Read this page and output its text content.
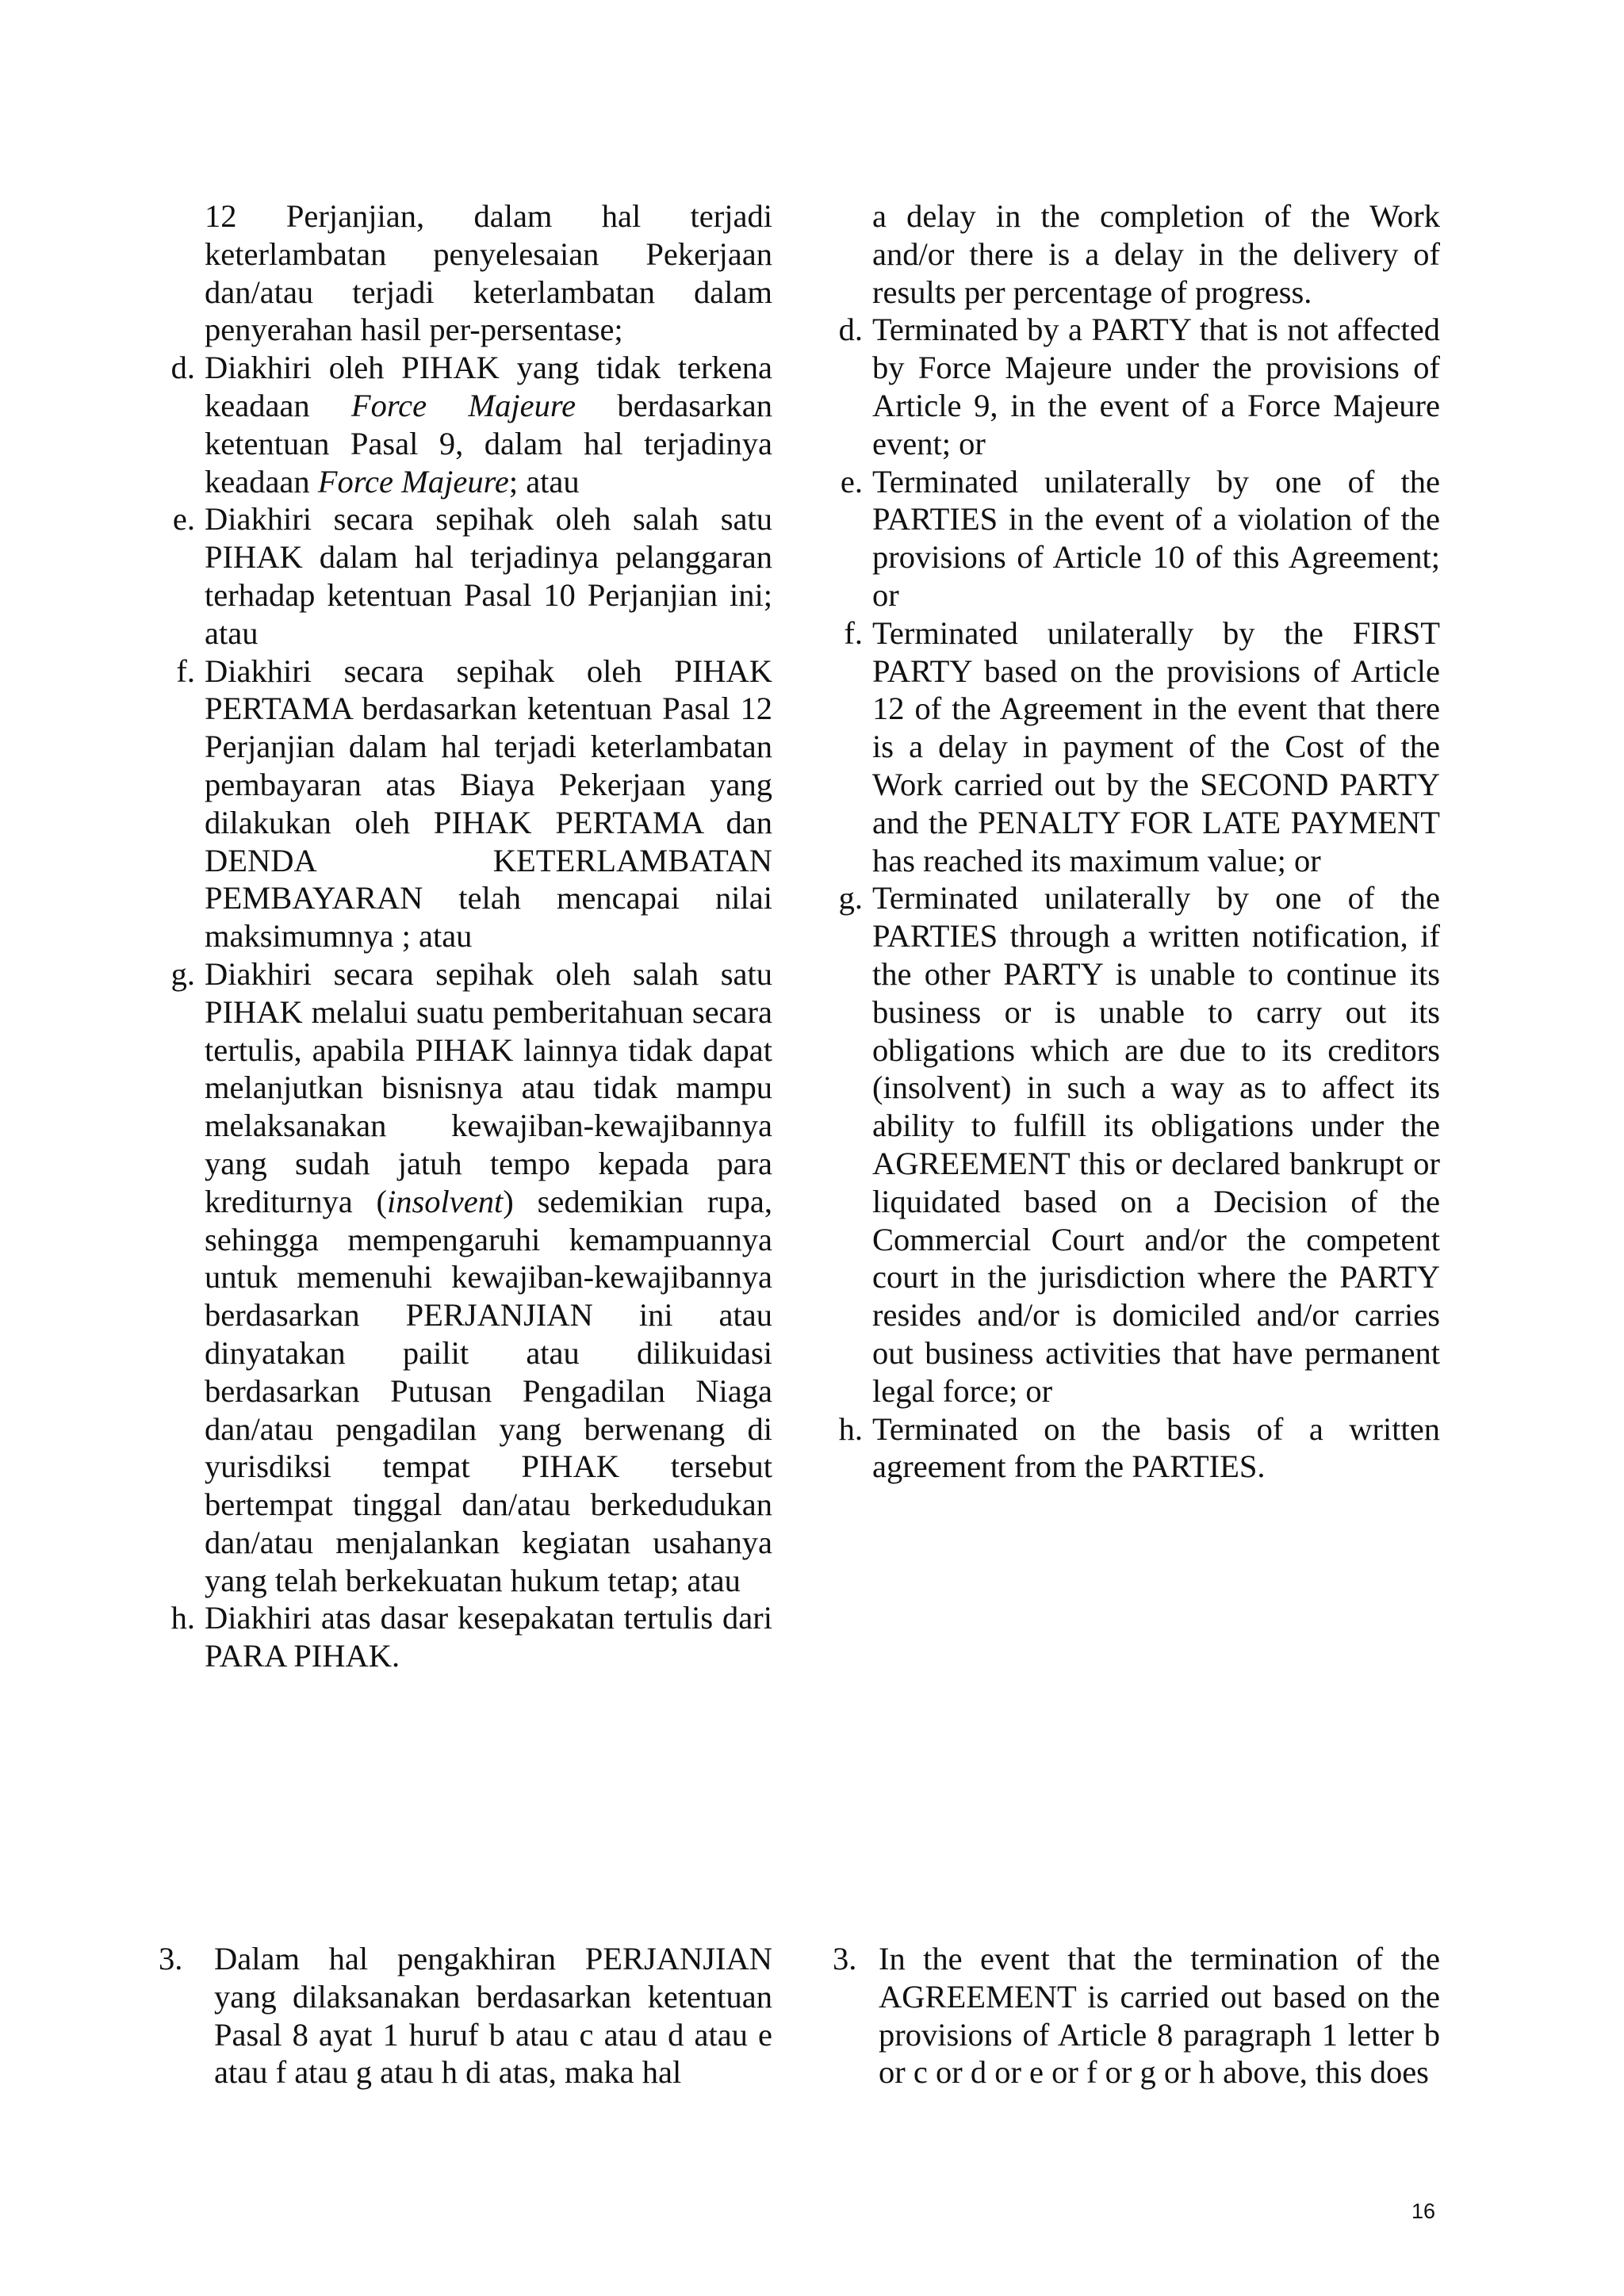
12 Perjanjian, dalam hal terjadi keterlambatan penyelesaian Pekerjaan dan/atau terjadi keterlambatan dalam penyerahan hasil per-persentase;
d. Diakhiri oleh PIHAK yang tidak terkena keadaan Force Majeure berdasarkan ketentuan Pasal 9, dalam hal terjadinya keadaan Force Majeure; atau
e. Diakhiri secara sepihak oleh salah satu PIHAK dalam hal terjadinya pelanggaran terhadap ketentuan Pasal 10 Perjanjian ini; atau
f. Diakhiri secara sepihak oleh PIHAK PERTAMA berdasarkan ketentuan Pasal 12 Perjanjian dalam hal terjadi keterlambatan pembayaran atas Biaya Pekerjaan yang dilakukan oleh PIHAK PERTAMA dan DENDA KETERLAMBATAN PEMBAYARAN telah mencapai nilai maksimumnya ; atau
g. Diakhiri secara sepihak oleh salah satu PIHAK melalui suatu pemberitahuan secara tertulis, apabila PIHAK lainnya tidak dapat melanjutkan bisnisnya atau tidak mampu melaksanakan kewajiban-kewajibannya yang sudah jatuh tempo kepada para krediturnya (insolvent) sedemikian rupa, sehingga mempengaruhi kemampuannya untuk memenuhi kewajiban-kewajibannya berdasarkan PERJANJIAN ini atau dinyatakan pailit atau dilikuidasi berdasarkan Putusan Pengadilan Niaga dan/atau pengadilan yang berwenang di yurisdiksi tempat PIHAK tersebut bertempat tinggal dan/atau berkedudukan dan/atau menjalankan kegiatan usahanya yang telah berkekuatan hukum tetap; atau
h. Diakhiri atas dasar kesepakatan tertulis dari PARA PIHAK.
a delay in the completion of the Work and/or there is a delay in the delivery of results per percentage of progress.
d. Terminated by a PARTY that is not affected by Force Majeure under the provisions of Article 9, in the event of a Force Majeure event; or
e. Terminated unilaterally by one of the PARTIES in the event of a violation of the provisions of Article 10 of this Agreement; or
f. Terminated unilaterally by the FIRST PARTY based on the provisions of Article 12 of the Agreement in the event that there is a delay in payment of the Cost of the Work carried out by the SECOND PARTY and the PENALTY FOR LATE PAYMENT has reached its maximum value; or
g. Terminated unilaterally by one of the PARTIES through a written notification, if the other PARTY is unable to continue its business or is unable to carry out its obligations which are due to its creditors (insolvent) in such a way as to affect its ability to fulfill its obligations under the AGREEMENT this or declared bankrupt or liquidated based on a Decision of the Commercial Court and/or the competent court in the jurisdiction where the PARTY resides and/or is domiciled and/or carries out business activities that have permanent legal force; or
h. Terminated on the basis of a written agreement from the PARTIES.
3. Dalam hal pengakhiran PERJANJIAN yang dilaksanakan berdasarkan ketentuan Pasal 8 ayat 1 huruf b atau c atau d atau e atau f atau g atau h di atas, maka hal
3. In the event that the termination of the AGREEMENT is carried out based on the provisions of Article 8 paragraph 1 letter b or c or d or e or f or g or h above, this does
16
